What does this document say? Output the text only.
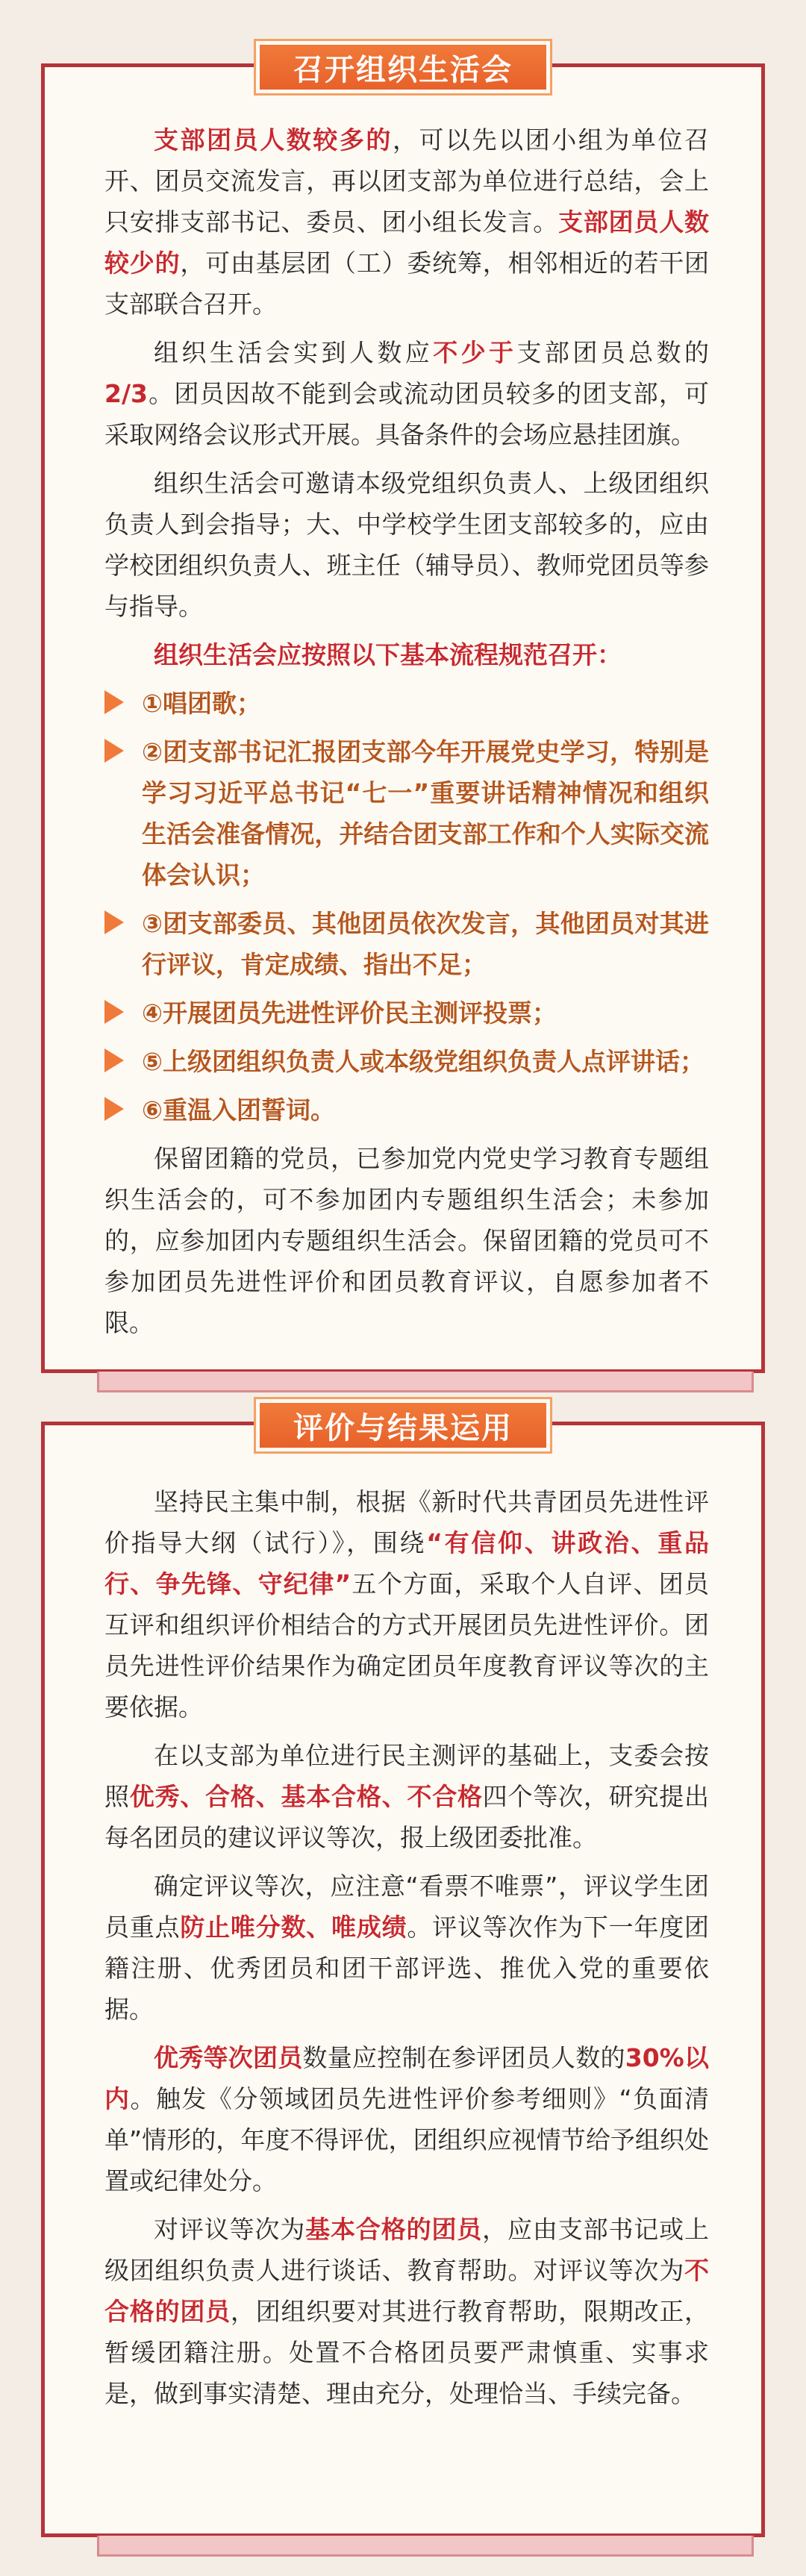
召开组织生活会

支部团员人数较多的，可以先以团小组为单位召开、团员交流发言，再以团支部为单位进行总结，会上只安排支部书记、委员、团小组长发言。支部团员人数较少的，可由基层团（工）委统筹，相邻相近的若干团支部联合召开。

组织生活会实到人数应不少于支部团员总数的2/3。团员因故不能到会或流动团员较多的团支部，可采取网络会议形式开展。具备条件的会场应悬挂团旗。

组织生活会可邀请本级党组织负责人、上级团组织负责人到会指导；大、中学校学生团支部较多的，应由学校团组织负责人、班主任（辅导员）、教师党团员等参与指导。

组织生活会应按照以下基本流程规范召开：
①唱团歌；
②团支部书记汇报团支部今年开展党史学习，特别是学习习近平总书记“七一”重要讲话精神情况和组织生活会准备情况，并结合团支部工作和个人实际交流体会认识；
③团支部委员、其他团员依次发言，其他团员对其进行评议，肯定成绩、指出不足；
④开展团员先进性评价民主测评投票；
⑤上级团组织负责人或本级党组织负责人点评讲话；
⑥重温入团誓词。

保留团籍的党员，已参加党内党史学习教育专题组织生活会的，可不参加团内专题组织生活会；未参加的，应参加团内专题组织生活会。保留团籍的党员可不参加团员先进性评价和团员教育评议，自愿参加者不限。

评价与结果运用

坚持民主集中制，根据《新时代共青团员先进性评价指导大纲（试行）》，围绕“有信仰、讲政治、重品行、争先锋、守纪律”五个方面，采取个人自评、团员互评和组织评价相结合的方式开展团员先进性评价。团员先进性评价结果作为确定团员年度教育评议等次的主要依据。

在以支部为单位进行民主测评的基础上，支委会按照优秀、合格、基本合格、不合格四个等次，研究提出每名团员的建议评议等次，报上级团委批准。

确定评议等次，应注意“看票不唯票”，评议学生团员重点防止唯分数、唯成绩。评议等次作为下一年度团籍注册、优秀团员和团干部评选、推优入党的重要依据。

优秀等次团员数量应控制在参评团员人数的30%以内。触发《分领域团员先进性评价参考细则》“负面清单”情形的，年度不得评优，团组织应视情节给予组织处置或纪律处分。

对评议等次为基本合格的团员，应由支部书记或上级团组织负责人进行谈话、教育帮助。对评议等次为不合格的团员，团组织要对其进行教育帮助，限期改正，暂缓团籍注册。处置不合格团员要严肃慎重、实事求是，做到事实清楚、理由充分，处理恰当、手续完备。
